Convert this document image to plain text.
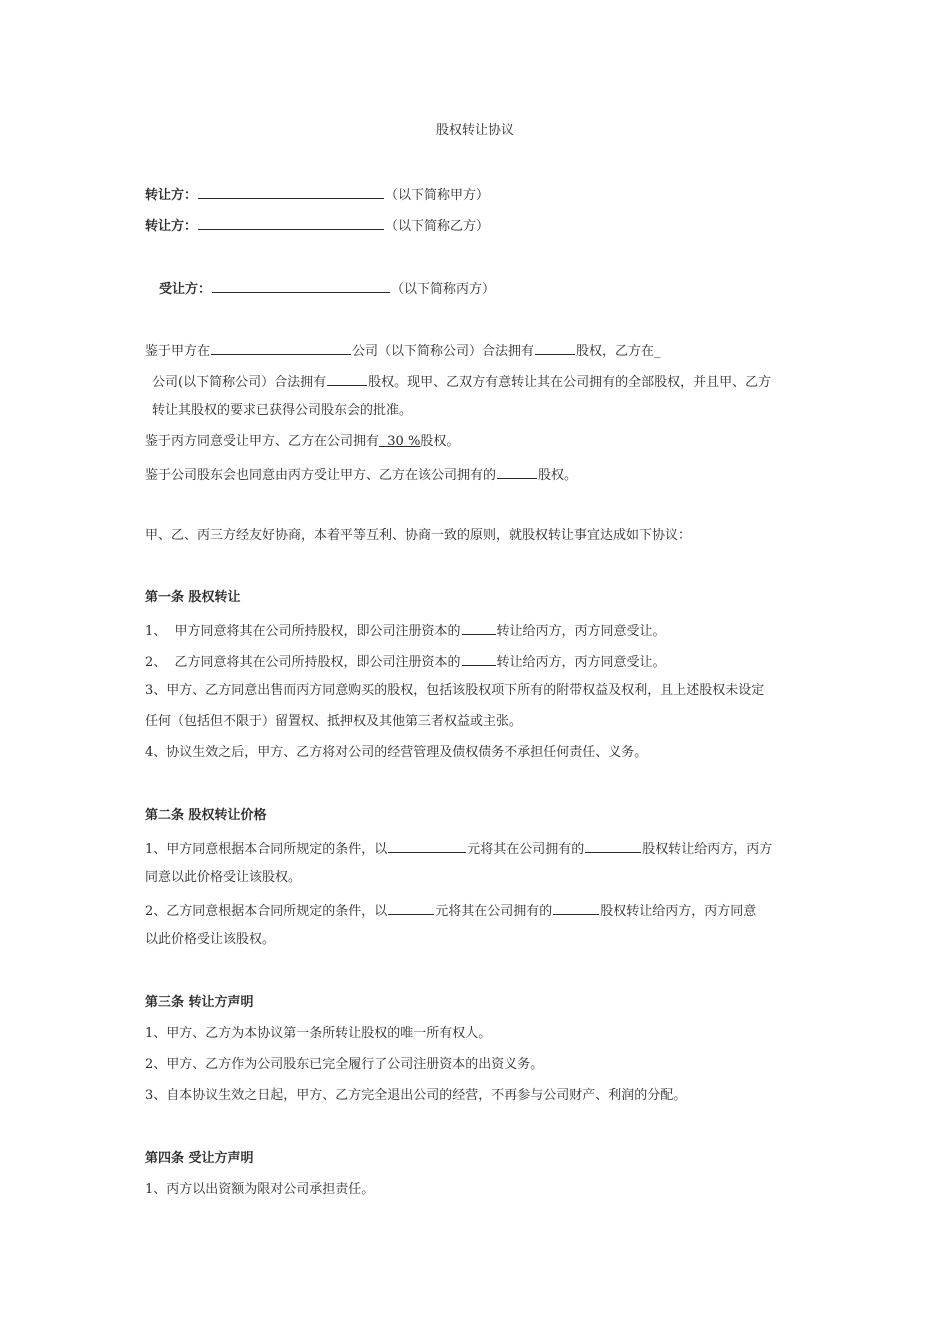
股权转让协议
转让方：	（以下简称甲方）
转让方：	（以下简称乙方）
受让方：	（以下简称丙方）
鉴于甲方在	公司（以下简称公司）合法拥有	股权，乙方在_
公司(以下简称公司）合法拥有	股权。现甲、乙双方有意转让其在公司拥有的全部股权，并且甲、乙方
转让其股权的要求已获得公司股东会的批准。
鉴于丙方同意受让甲方、乙方在公司拥有  30 %股权。
鉴于公司股东会也同意由丙方受让甲方、乙方在该公司拥有的	股权。
甲、乙、丙三方经友好协商，本着平等互利、协商一致的原则，就股权转让事宜达成如下协议：
第一条 股权转让
1、  甲方同意将其在公司所持股权，即公司注册资本的	转让给丙方，丙方同意受让。
2、  乙方同意将其在公司所持股权，即公司注册资本的	转让给丙方，丙方同意受让。
3、甲方、乙方同意出售而丙方同意购买的股权，包括该股权项下所有的附带权益及权利，且上述股权未设定
任何（包括但不限于）留置权、抵押权及其他第三者权益或主张。
4、协议生效之后，甲方、乙方将对公司的经营管理及债权债务不承担任何责任、义务。
第二条 股权转让价格
1、甲方同意根据本合同所规定的条件，以	元将其在公司拥有的	股权转让给丙方，丙方
同意以此价格受让该股权。
2、乙方同意根据本合同所规定的条件，以	元将其在公司拥有的	股权转让给丙方，丙方同意
以此价格受让该股权。
第三条 转让方声明
1、甲方、乙方为本协议第一条所转让股权的唯一所有权人。
2、甲方、乙方作为公司股东已完全履行了公司注册资本的出资义务。
3、自本协议生效之日起，甲方、乙方完全退出公司的经营，不再参与公司财产、利润的分配。
第四条 受让方声明
1、丙方以出资额为限对公司承担责任。
